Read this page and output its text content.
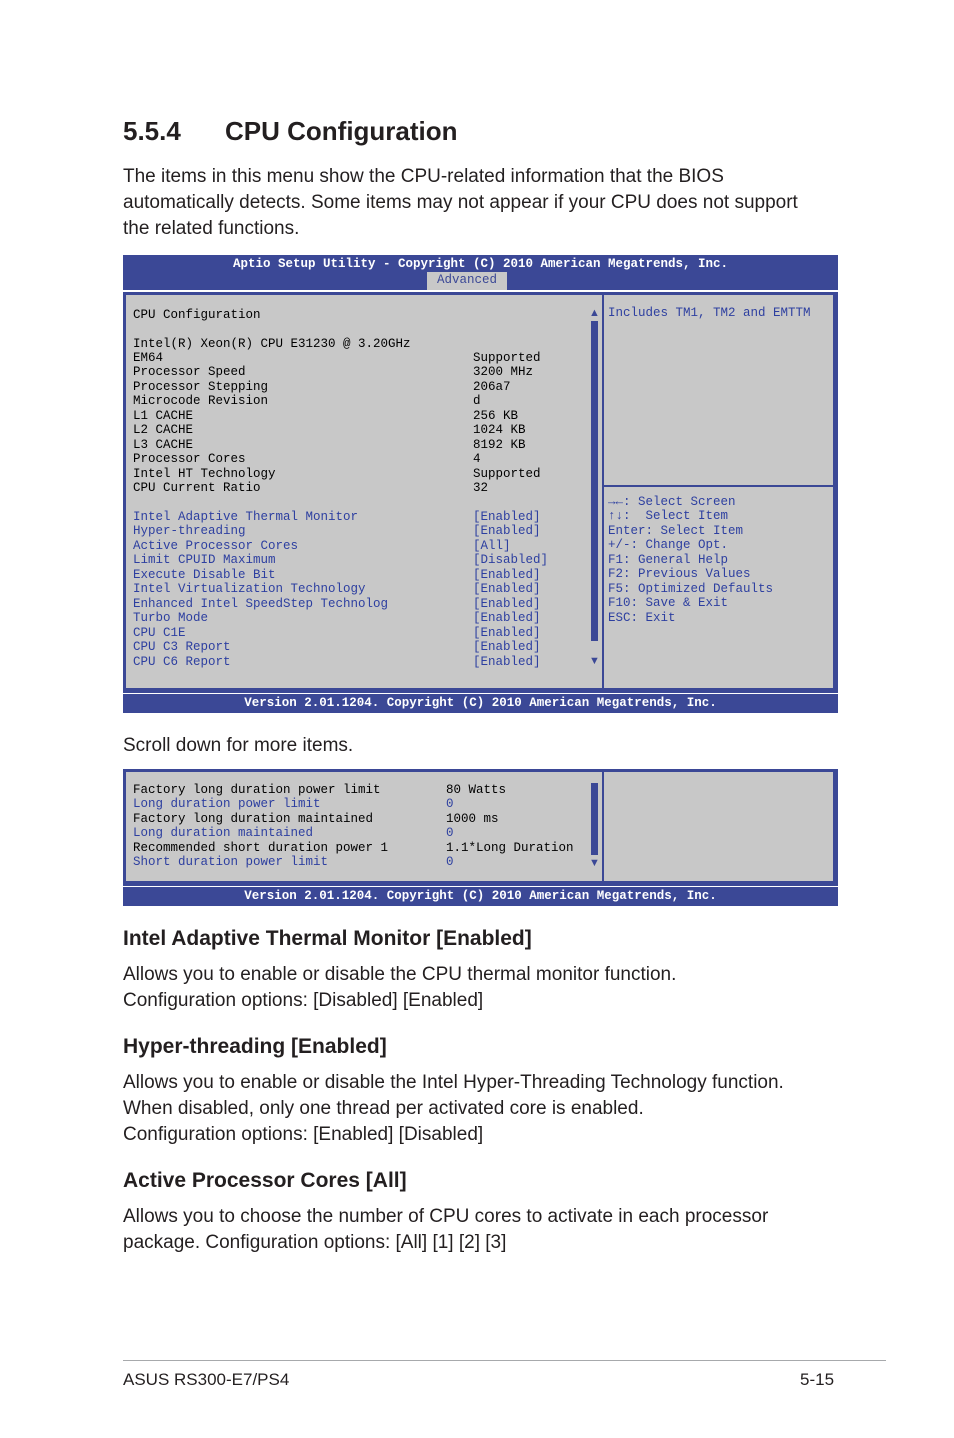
5.5.4 CPU Configuration
The items in this menu show the CPU-related information that the BIOS
automatically detects. Some items may not appear if your CPU does not support
the related functions.

Aptio Setup Utility - Copyright (C) 2010 American Megatrends, Inc.

Advanced

CPU Configuration
Intel(R) Xeon(R) CPU E31230 @ 3.20GHz
EM64	Supported
Processor Speed	3200 MHz
Processor Stepping	206a7
Microcode Revision	d
L1 CACHE	256 KB
L2 CACHE	1024 KB
L3 CACHE	8192 KB
Processor Cores	4
Intel HT Technology	Supported
CPU Current Ratio	32
Intel Adaptive Thermal Monitor	[Enabled]
Hyper-threading	[Enabled]
Active Processor Cores	[All]
Limit CPUID Maximum	[Disabled]
Execute Disable Bit	[Enabled]
Intel Virtualization Technology	[Enabled]
Enhanced Intel SpeedStep Technolog	[Enabled]
Turbo Mode	[Enabled]
CPU C1E	[Enabled]
CPU C3 Report	[Enabled]
CPU C6 Report	[Enabled]
▲
▼
Includes TM1, TM2 and EMTTM
→←: Select Screen
↑↓:  Select Item
Enter: Select Item
+/-: Change Opt.
F1: General Help
F2: Previous Values
F5: Optimized Defaults
F10: Save & Exit
ESC: Exit
Version 2.01.1204. Copyright (C) 2010 American Megatrends, Inc.
Scroll down for more items.
Factory long duration power limit	80 Watts
Long duration power limit	0
Factory long duration maintained	1000 ms
Long duration maintained	0
Recommended short duration power 1	1.1*Long Duration
Short duration power limit	0	▼
Version 2.01.1204. Copyright (C) 2010 American Megatrends, Inc.
Intel Adaptive Thermal Monitor [Enabled]
Allows you to enable or disable the CPU thermal monitor function.
Configuration options: [Disabled] [Enabled]
Hyper-threading [Enabled]
Allows you to enable or disable the Intel Hyper-Threading Technology function.
When disabled, only one thread per activated core is enabled.
Configuration options: [Enabled] [Disabled]
Active Processor Cores [All]
Allows you to choose the number of CPU cores to activate in each processor
package. Configuration options: [All] [1] [2] [3]
ASUS RS300-E7/PS4	5-15
